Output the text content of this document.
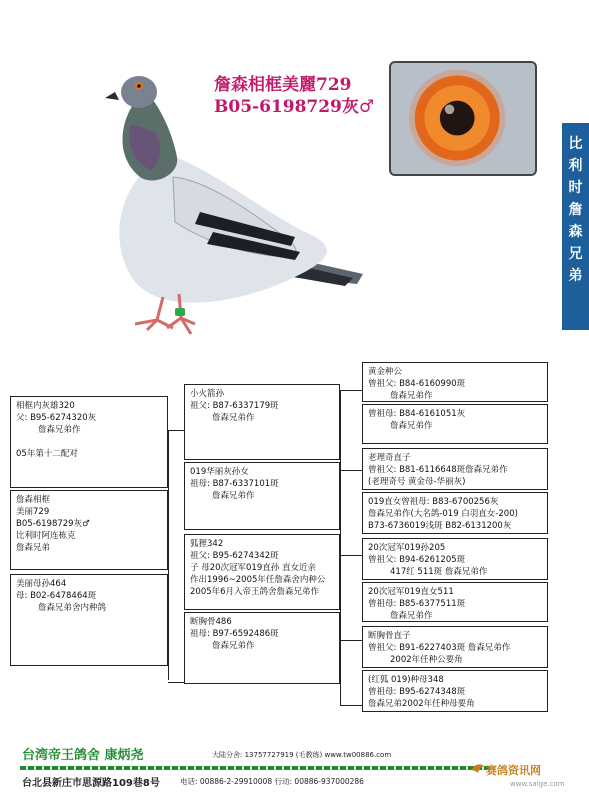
詹森相框美麗729
B05-6198729灰♂
比
利
时
詹
森
兄
弟
詹森相框
美丽729
B05-6198729灰♂
比利时阿连栋克
詹森兄弟
相框内灰雄320
父: B95-6274320灰
詹森兄弟作

05年第十二配对
美丽母孙464
母: B02-6478464斑
詹森兄弟舍内种鸽
小火箭孙
祖父: B87-6337179斑
詹森兄弟作
019华丽灰孙女
祖母: B87-6337101斑
詹森兄弟作
狐狸342
祖父: B95-6274342斑
子 母20次冠军019直孙 直女近亲
作出1996~2005年任詹森舍内种公
2005年6月入帝王鸽舍詹森兄弟作
断胸骨486
祖母: B97-6592486斑
詹森兄弟作
黄金种公
曾祖父: B84-6160990斑
詹森兄弟作
曾祖母: B84-6161051灰
詹森兄弟作
老理奇直子
曾祖父: B81-6116648斑詹森兄弟作
(老理奇号 黄金母-华丽灰)
019直女曾祖母: B83-6700256灰
詹森兄弟作(大名鸽-019 白羽直女-200)
B73-6736019浅斑 B82-6131200灰
20次冠军019孙205
曾祖父: B94-6261205斑
417红 511斑 詹森兄弟作
20次冠军019直女511
曾祖母: B85-6377511斑
詹森兄弟作
断胸骨直子
曾祖父: B91-6227403斑 詹森兄弟作
2002年任种公要角
(红狐 019)种母348
曾祖母: B95-6274348斑
詹森兄弟2002年任种母要角
台湾帝王鸽舍 康炳尧	大陆分舍: 13757727919 (毛教练) www.tw00886.com
台北县新庄市思源路109巷8号	电话: 00886-2-29910008 行动: 00886-937000286
赛鸽资讯网
www.saige.com
